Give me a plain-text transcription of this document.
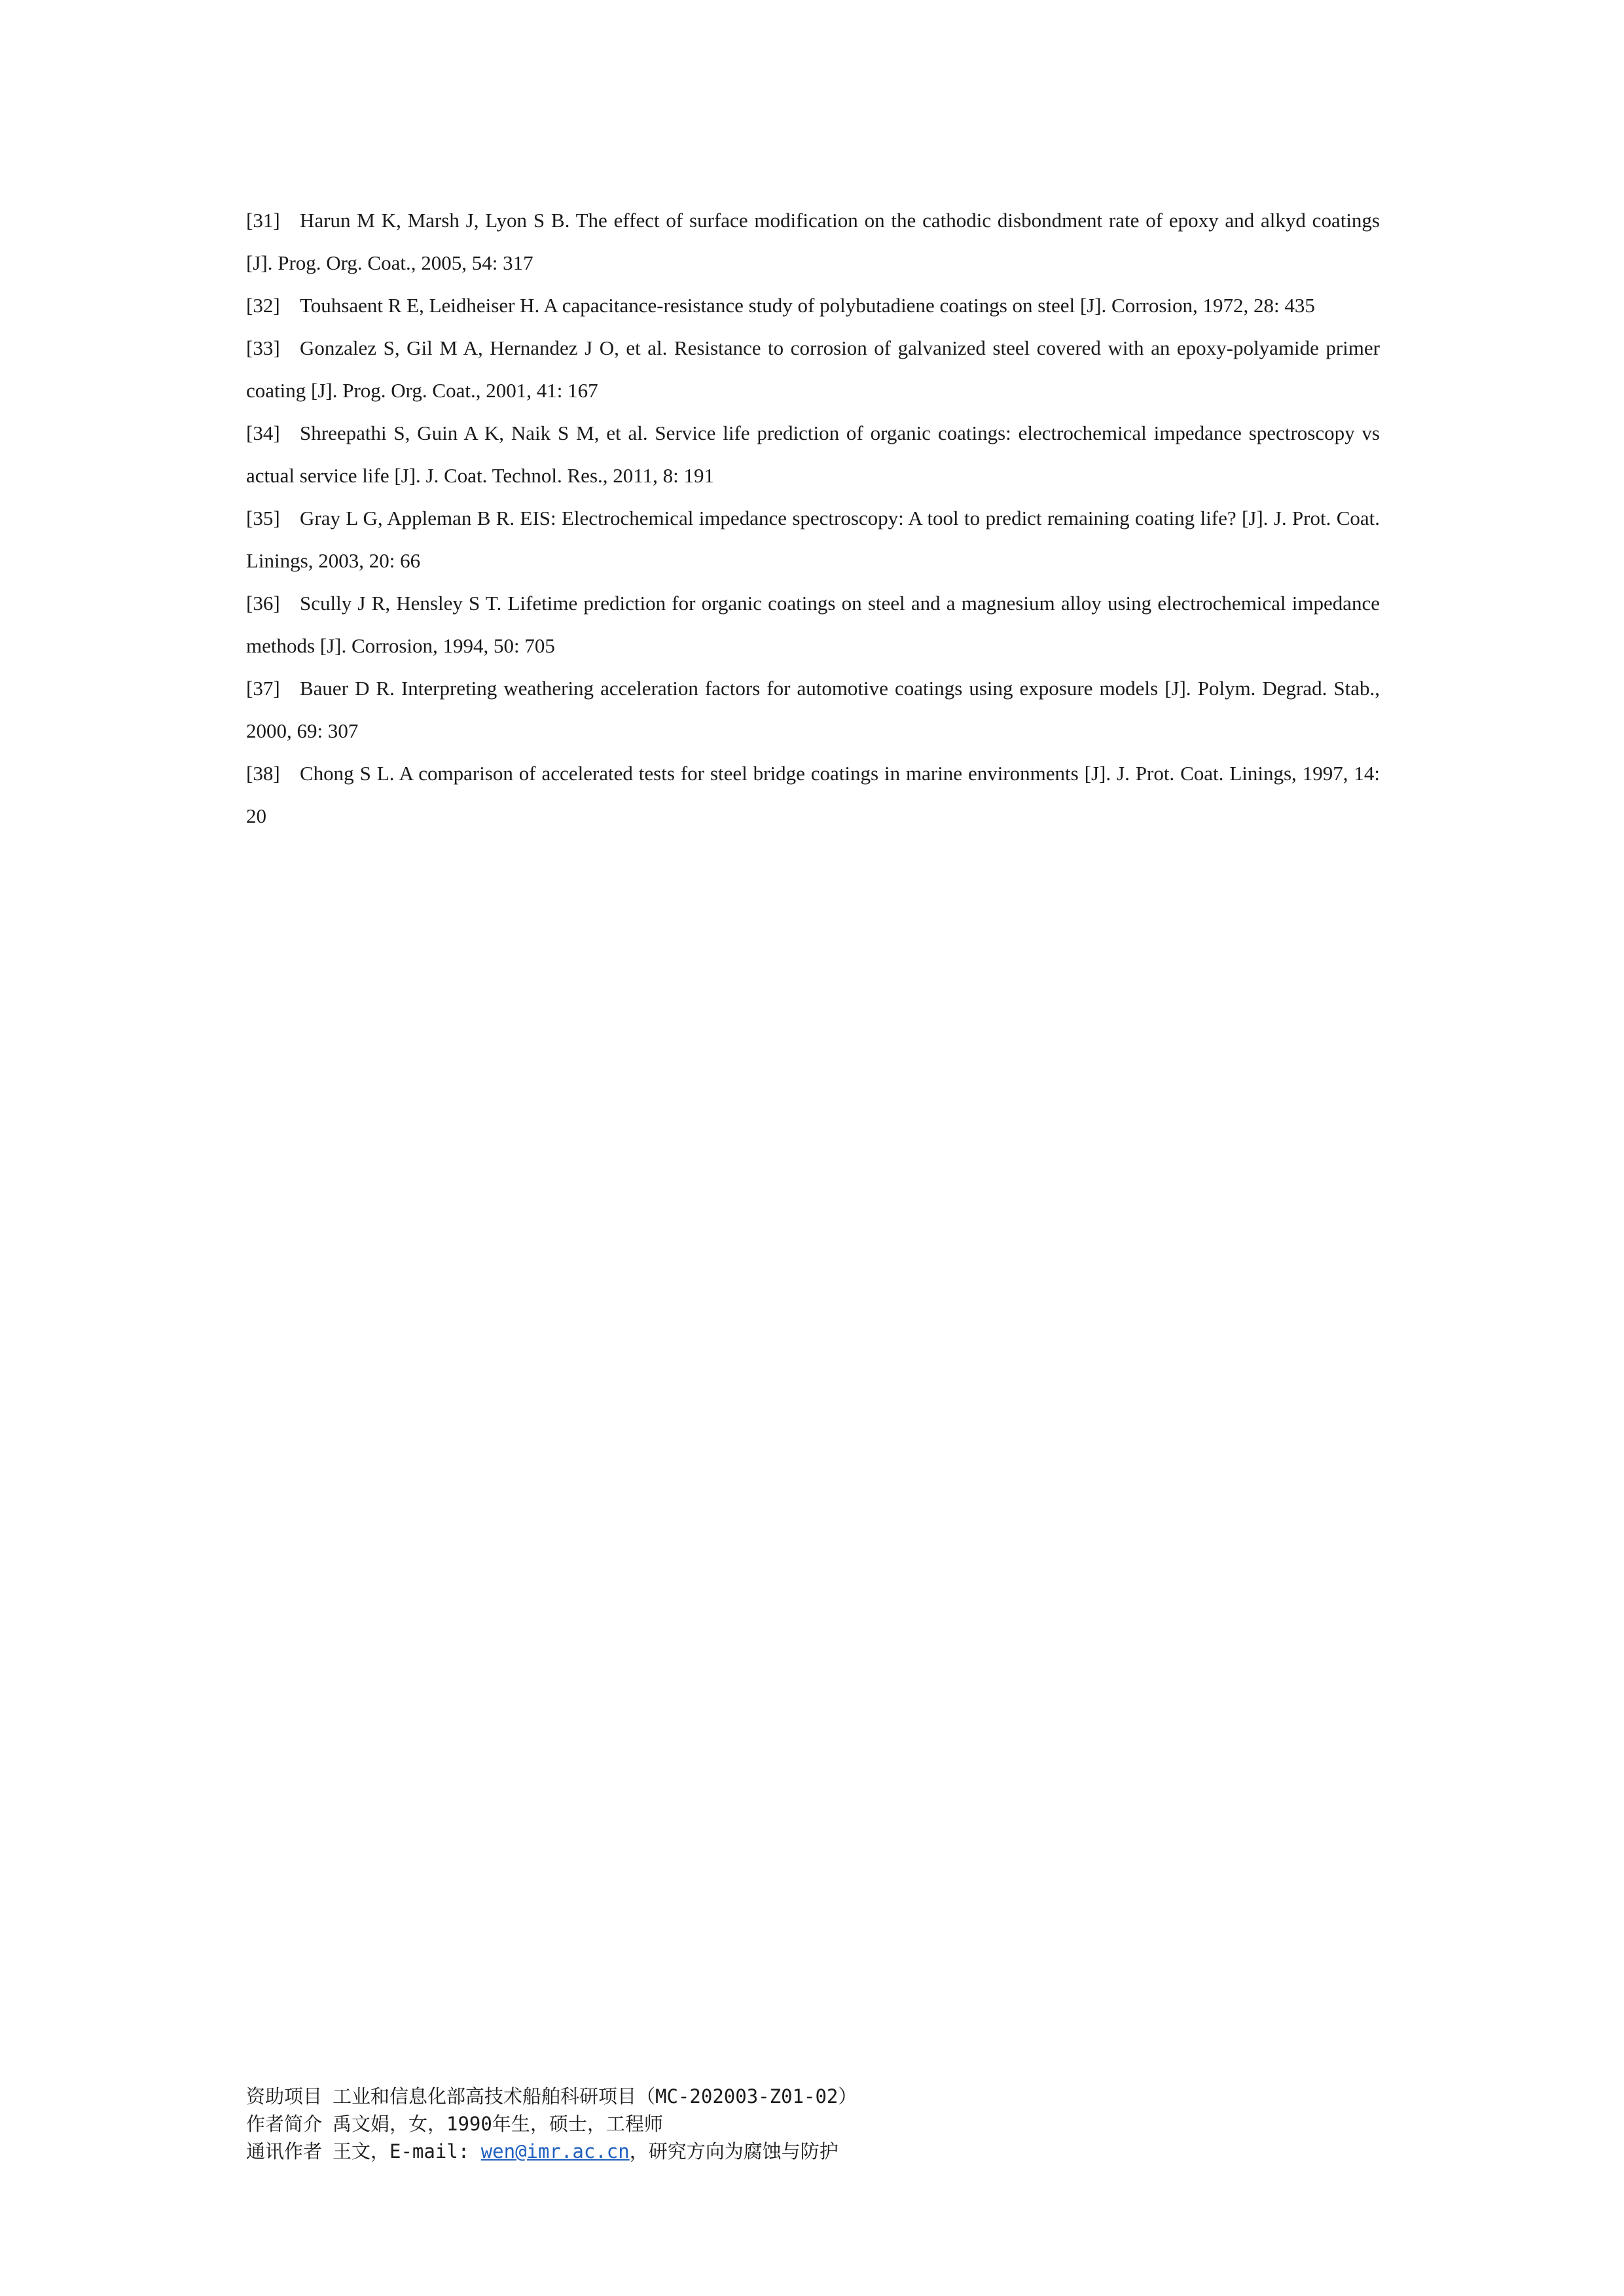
[31] Harun M K, Marsh J, Lyon S B. The effect of surface modification on the cathodic disbondment rate of epoxy and alkyd coatings [J]. Prog. Org. Coat., 2005, 54: 317
[32] Touhsaent R E, Leidheiser H. A capacitance-resistance study of polybutadiene coatings on steel [J]. Corrosion, 1972, 28: 435
[33] Gonzalez S, Gil M A, Hernandez J O, et al. Resistance to corrosion of galvanized steel covered with an epoxy-polyamide primer coating [J]. Prog. Org. Coat., 2001, 41: 167
[34] Shreepathi S, Guin A K, Naik S M, et al. Service life prediction of organic coatings: electrochemical impedance spectroscopy vs actual service life [J]. J. Coat. Technol. Res., 2011, 8: 191
[35] Gray L G, Appleman B R. EIS: Electrochemical impedance spectroscopy: A tool to predict remaining coating life? [J]. J. Prot. Coat. Linings, 2003, 20: 66
[36] Scully J R, Hensley S T. Lifetime prediction for organic coatings on steel and a magnesium alloy using electrochemical impedance methods [J]. Corrosion, 1994, 50: 705
[37] Bauer D R. Interpreting weathering acceleration factors for automotive coatings using exposure models [J]. Polym. Degrad. Stab., 2000, 69: 307
[38] Chong S L. A comparison of accelerated tests for steel bridge coatings in marine environments [J]. J. Prot. Coat. Linings, 1997, 14: 20
资助项目 工业和信息化部高技术船舶科研项目（MC-202003-Z01-02）
作者简介 禹文娟，女，1990年生，硕士，工程师
通讯作者 王文，E-mail: wen@imr.ac.cn，研究方向为腐蚀与防护
